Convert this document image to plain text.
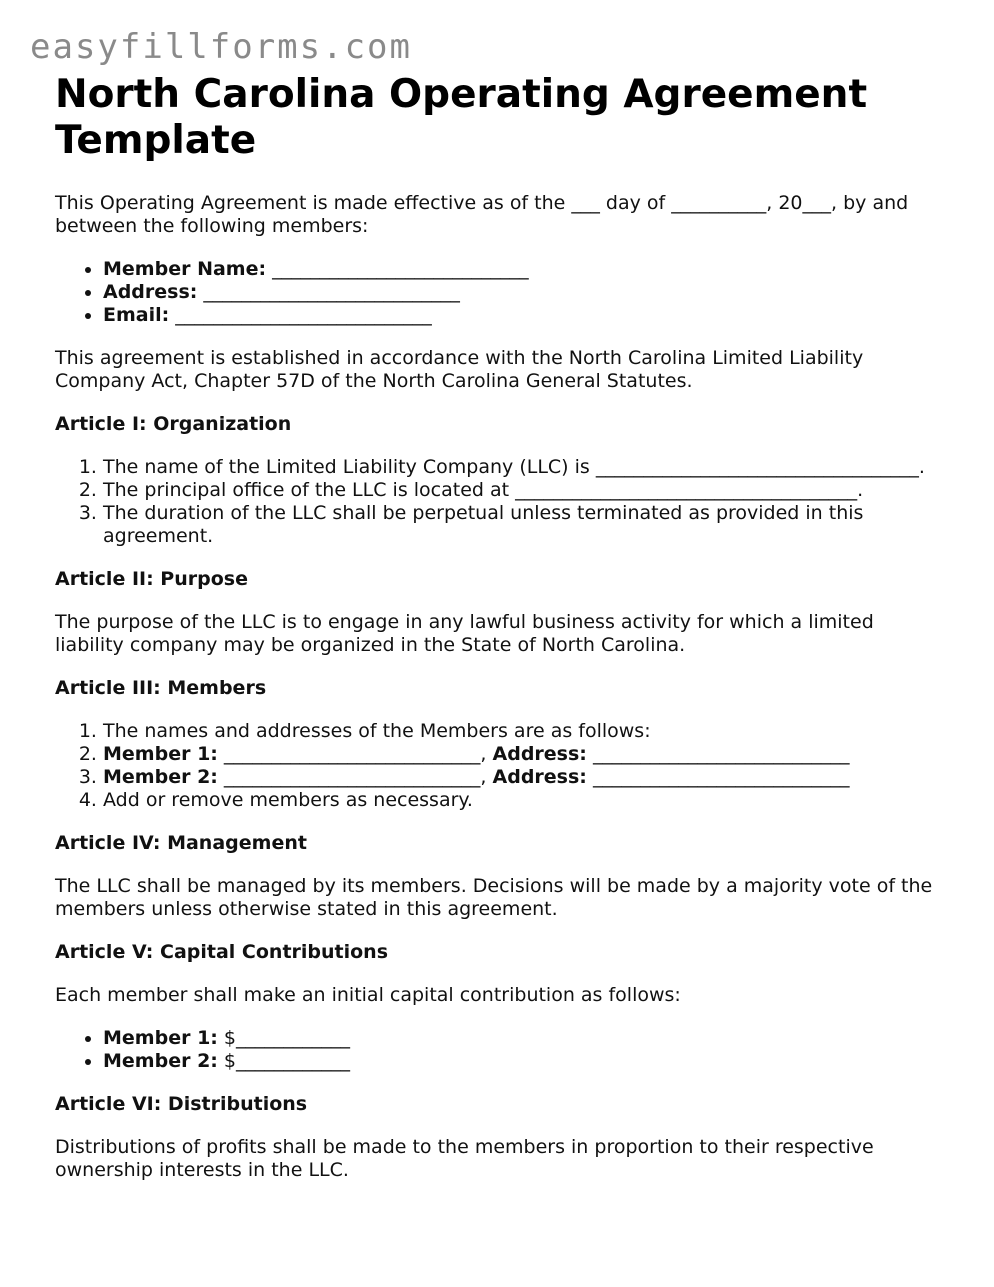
easyfillforms.com
North Carolina Operating Agreement Template

This Operating Agreement is made effective as of the ___ day of __________, 20___, by and between the following members:

• Member Name: ___________________________
• Address: ___________________________
• Email: ___________________________

This agreement is established in accordance with the North Carolina Limited Liability Company Act, Chapter 57D of the North Carolina General Statutes.

Article I: Organization
1. The name of the Limited Liability Company (LLC) is __________________________________.
2. The principal office of the LLC is located at ____________________________________.
3. The duration of the LLC shall be perpetual unless terminated as provided in this agreement.
Article II: Purpose

The purpose of the LLC is to engage in any lawful business activity for which a limited liability company may be organized in the State of North Carolina.

Article III: Members
1. The names and addresses of the Members are as follows:
2. Member 1: ___________________________, Address: ___________________________
3. Member 2: ___________________________, Address: ___________________________
4. Add or remove members as necessary.
Article IV: Management

The LLC shall be managed by its members. Decisions will be made by a majority vote of the members unless otherwise stated in this agreement.

Article V: Capital Contributions

Each member shall make an initial capital contribution as follows:

• Member 1: $____________
• Member 2: $____________
Article VI: Distributions

Distributions of profits shall be made to the members in proportion to their respective ownership interests in the LLC.
